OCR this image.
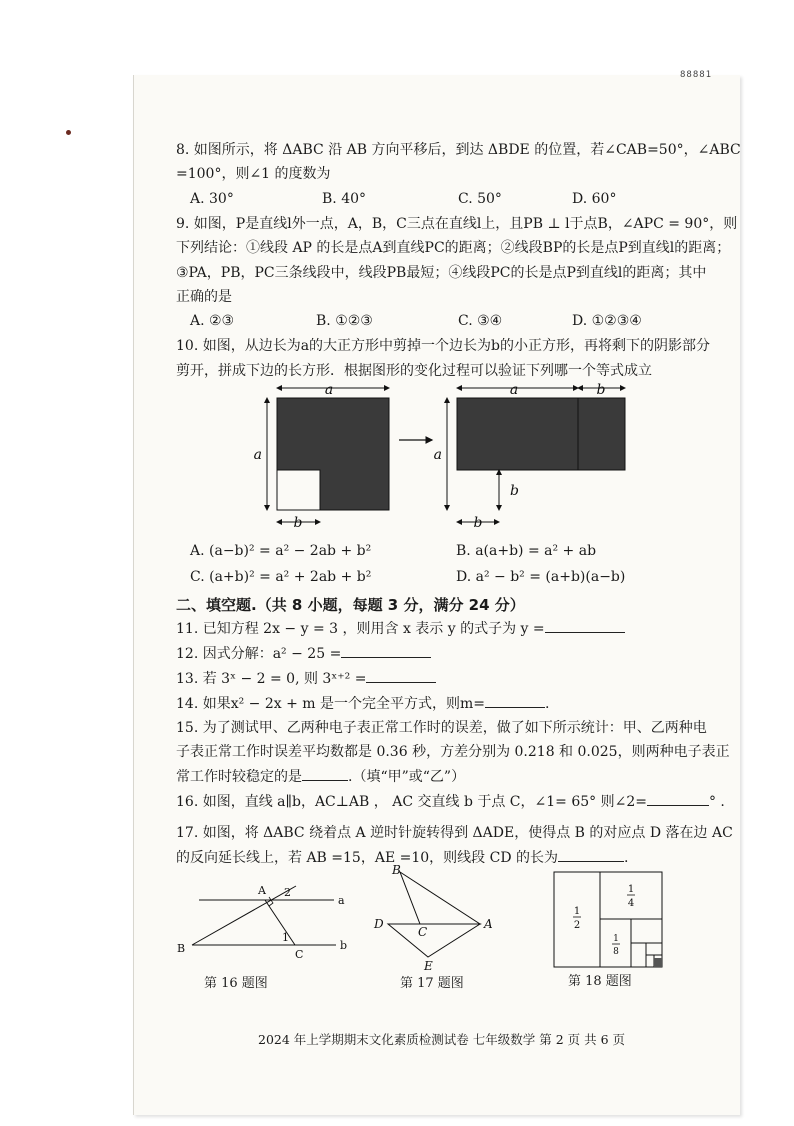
88881
8. 如图所示，将 ΔABC 沿 AB 方向平移后，到达 ΔBDE 的位置，若∠CAB=50°，∠ABC
=100°，则∠1 的度数为
A. 30°	B. 40°	C. 50°	D. 60°
9. 如图，P是直线l外一点，A，B，C三点在直线l上，且PB ⊥ l于点B，∠APC = 90°，则
下列结论：①线段 AP 的长是点A到直线PC的距离；②线段BP的长是点P到直线l的距离；
③PA，PB，PC三条线段中，线段PB最短；④线段PC的长是点P到直线l的距离；其中
正确的是
A. ②③	B. ①②③	C. ③④	D. ①②③④
10. 如图，从边长为a的大正方形中剪掉一个边长为b的小正方形，再将剩下的阴影部分
剪开，拼成下边的长方形．根据图形的变化过程可以验证下列哪一个等式成立
a
a
b
a	b
a
b
b
A. (a−b)² = a² − 2ab + b²	B. a(a+b) = a² + ab
C. (a+b)² = a² + 2ab + b²	D. a² − b² = (a+b)(a−b)
二、填空题.（共 8 小题，每题 3 分，满分 24 分）
11. 已知方程 2x − y = 3 ，则用含 x 表示 y 的式子为 y =
12. 因式分解：a² − 25 =
13. 若 3ˣ − 2 = 0, 则 3ˣ⁺² =
14. 如果x² − 2x + m 是一个完全平方式，则m=	.
15. 为了测试甲、乙两种电子表正常工作时的误差，做了如下所示统计：甲、乙两种电
子表正常工作时误差平均数都是 0.36 秒，方差分别为 0.218 和 0.025，则两种电子表正
常工作时较稳定的是	.（填“甲”或“乙”）
16. 如图，直线 a∥b，AC⊥AB ， AC 交直线 b 于点 C，∠1= 65° 则∠2=	° .
17. 如图，将 ΔABC 绕着点 A 逆时针旋转得到 ΔADE，使得点 B 的对应点 D 落在边 AC
的反向延长线上，若 AB =15，AE =10，则线段 CD 的长为	.
A 2
1
B	C
a
b
第 16 题图
B
D
C
A
E
第 17 题图
1
2
1
4
1
8
第 18 题图
2024 年上学期期末文化素质检测试卷 七年级数学 第 2 页 共 6 页
